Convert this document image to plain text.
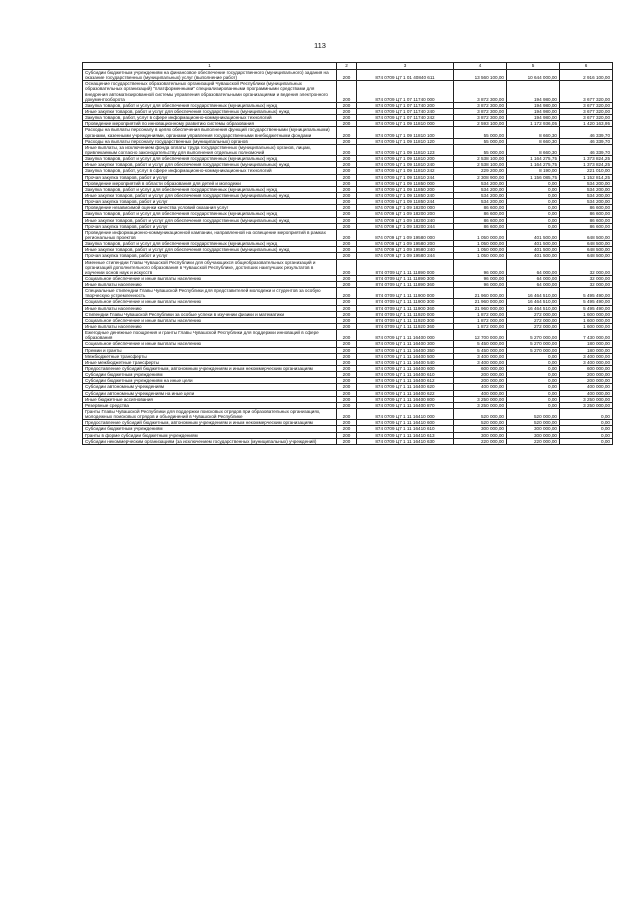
113
1	2	3	4	5	6
Субсидии бюджетным учреждениям на финансовое обеспечение государственного (муниципального) задания на оказание государственных (муниципальных) услуг (выполнение работ)	200	874 0709 Ц7 1 01 40840 611	13 560 100,00	10 644 000,00	2 916 100,00
Оснащение государственных образовательных организаций Чувашской Республики (муниципальных образовательных организаций) "платформенными" специализированными программными средствами для внедрения автоматизированной системы управления образовательными организациями и ведения электронного документооборота	200	874 0709 Ц7 1 07 11740 000	3 872 300,00	194 980,00	3 677 320,00
Закупка товаров, работ и услуг для обеспечения государственных (муниципальных) нужд	200	874 0709 Ц7 1 07 11740 200	3 872 300,00	194 980,00	3 677 320,00
Иные закупки товаров, работ и услуг для обеспечения государственных (муниципальных) нужд	200	874 0709 Ц7 1 07 11740 240	3 872 300,00	194 980,00	3 677 320,00
Закупка товаров, работ, услуг в сфере информационно-коммуникационных технологий	200	874 0709 Ц7 1 07 11740 242	3 872 300,00	194 980,00	3 677 320,00
Проведение мероприятий по инновационному развитию системы образования	200	874 0709 Ц7 1 09 11810 000	2 593 100,00	1 172 936,05	1 420 163,95
Расходы на выплаты персоналу в целях обеспечения выполнения функций государственными (муниципальными) органами, казенными учреждениями, органами управления государственными внебюджетными фондами	200	874 0709 Ц7 1 09 11810 100	55 000,00	8 660,30	46 339,70
Расходы на выплаты персоналу государственных (муниципальных) органов	200	874 0709 Ц7 1 09 11810 120	55 000,00	8 660,30	46 339,70
Иные выплаты, за исключением фонда оплаты труда государственных (муниципальных) органов, лицам, привлекаемым согласно законодательству для выполнения отдельных полномочий	200	874 0709 Ц7 1 09 11810 123	55 000,00	8 660,30	46 339,70
Закупка товаров, работ и услуг для обеспечения государственных (муниципальных) нужд	200	874 0709 Ц7 1 09 11810 200	2 538 100,00	1 164 275,75	1 373 824,25
Иные закупки товаров, работ и услуг для обеспечения государственных (муниципальных) нужд	200	874 0709 Ц7 1 09 11810 240	2 538 100,00	1 164 275,75	1 373 824,25
Закупка товаров, работ, услуг в сфере информационно-коммуникационных технологий	200	874 0709 Ц7 1 09 11810 242	229 200,00	8 190,00	221 010,00
Прочая закупка товаров, работ и услуг	200	874 0709 Ц7 1 09 11810 244	2 308 900,00	1 156 085,75	1 152 814,25
Проведение мероприятий в области образования для детей и молодежи	200	874 0709 Ц7 1 09 11850 000	534 200,00	0,00	534 200,00
Закупка товаров, работ и услуг для обеспечения государственных (муниципальных) нужд	200	874 0709 Ц7 1 09 11850 200	534 200,00	0,00	534 200,00
Иные закупки товаров, работ и услуг для обеспечения государственных (муниципальных) нужд	200	874 0709 Ц7 1 09 11850 240	534 200,00	0,00	534 200,00
Прочая закупка товаров, работ и услуг	200	874 0709 Ц7 1 09 11850 244	534 200,00	0,00	534 200,00
Проведение независимой оценки качества условий оказания услуг	200	874 0709 Ц7 1 09 18200 000	86 600,00	0,00	86 600,00
Закупка товаров, работ и услуг для обеспечения государственных (муниципальных) нужд	200	874 0709 Ц7 1 09 18200 200	86 600,00	0,00	86 600,00
Иные закупки товаров, работ и услуг для обеспечения государственных (муниципальных) нужд	200	874 0709 Ц7 1 09 18200 240	86 600,00	0,00	86 600,00
Прочая закупка товаров, работ и услуг	200	874 0709 Ц7 1 09 18200 244	86 600,00	0,00	86 600,00
Проведение информационно-коммуникационной кампании, направленной на освещение мероприятий в рамках региональных проектов	200	874 0709 Ц7 1 09 19580 000	1 050 000,00	401 500,00	648 500,00
Закупка товаров, работ и услуг для обеспечения государственных (муниципальных) нужд	200	874 0709 Ц7 1 09 19580 200	1 050 000,00	401 500,00	648 500,00
Иные закупки товаров, работ и услуг для обеспечения государственных (муниципальных) нужд	200	874 0709 Ц7 1 09 19580 240	1 050 000,00	401 500,00	648 500,00
Прочая закупка товаров, работ и услуг	200	874 0709 Ц7 1 09 19580 244	1 050 000,00	401 500,00	648 500,00
Именные стипендии Главы Чувашской Республики для обучающихся общеобразовательных организаций и организаций дополнительного образования в Чувашской Республике, достигших наилучших результатов в изучении основ наук и искусств	200	874 0709 Ц7 1 11 11890 000	96 000,00	64 000,00	32 000,00
Социальное обеспечение и иные выплаты населению	200	874 0709 Ц7 1 11 11890 300	96 000,00	64 000,00	32 000,00
Иные выплаты населению	200	874 0709 Ц7 1 11 11890 360	96 000,00	64 000,00	32 000,00
Специальные стипендии Главы Чувашской Республики для представителей молодежи и студентов за особую творческую устремленность	200	874 0709 Ц7 1 11 11900 000	21 960 000,00	16 464 510,00	5 495 490,00
Социальное обеспечение и иные выплаты населению	200	874 0709 Ц7 1 11 11900 300	21 960 000,00	16 464 510,00	5 495 490,00
Иные выплаты населению	200	874 0709 Ц7 1 11 11900 360	21 960 000,00	16 464 510,00	5 495 490,00
Стипендии Главы Чувашской Республики за особые успехи в изучении физики и математики	200	874 0709 Ц7 1 11 11920 000	1 872 000,00	272 000,00	1 600 000,00
Социальное обеспечение и иные выплаты населению	200	874 0709 Ц7 1 11 11920 300	1 872 000,00	272 000,00	1 600 000,00
Иные выплаты населению	200	874 0709 Ц7 1 11 11920 360	1 872 000,00	272 000,00	1 600 000,00
Ежегодные денежные поощрения и гранты Главы Чувашской Республики для поддержки инноваций в сфере образования	200	874 0709 Ц7 1 11 16400 000	12 700 000,00	5 270 000,00	7 430 000,00
Социальное обеспечение и иные выплаты населению	200	874 0709 Ц7 1 11 16400 300	5 450 000,00	5 270 000,00	180 000,00
Премии и гранты	200	874 0709 Ц7 1 11 16400 350	5 450 000,00	5 270 000,00	180 000,00
Межбюджетные трансферты	200	874 0709 Ц7 1 11 16400 500	3 400 000,00	0,00	3 400 000,00
Иные межбюджетные трансферты	200	874 0709 Ц7 1 11 16400 540	3 400 000,00	0,00	3 400 000,00
Предоставление субсидий бюджетным, автономным учреждениям и иным некоммерческим организациям	200	874 0709 Ц7 1 11 16400 600	600 000,00	0,00	600 000,00
Субсидии бюджетным учреждениям	200	874 0709 Ц7 1 11 16400 610	200 000,00	0,00	200 000,00
Субсидии бюджетным учреждениям на иные цели	200	874 0709 Ц7 1 11 16400 612	200 000,00	0,00	200 000,00
Субсидии автономным учреждениям	200	874 0709 Ц7 1 11 16400 620	400 000,00	0,00	400 000,00
Субсидии автономным учреждениям на иные цели	200	874 0709 Ц7 1 11 16400 622	400 000,00	0,00	400 000,00
Иные бюджетные ассигнования	200	874 0709 Ц7 1 11 16400 800	3 250 000,00	0,00	3 250 000,00
Резервные средства	200	874 0709 Ц7 1 11 16400 870	3 250 000,00	0,00	3 250 000,00
Гранты Главы Чувашской Республики для поддержки поисковых отрядов при образовательных организациях, молодежных поисковых отрядов и объединений в Чувашской Республике	200	874 0709 Ц7 1 11 16410 000	520 000,00	520 000,00	0,00
Предоставление субсидий бюджетным, автономным учреждениям и иным некоммерческим организациям	200	874 0709 Ц7 1 11 16410 600	520 000,00	520 000,00	0,00
Субсидии бюджетным учреждениям	200	874 0709 Ц7 1 11 16410 610	300 000,00	300 000,00	0,00
Гранты в форме субсидии бюджетным учреждениям	200	874 0709 Ц7 1 11 16410 613	300 000,00	300 000,00	0,00
Субсидии некоммерческим организациям (за исключением государственных (муниципальных) учреждений)	200	874 0709 Ц7 1 11 16410 630	220 000,00	220 000,00	0,00
